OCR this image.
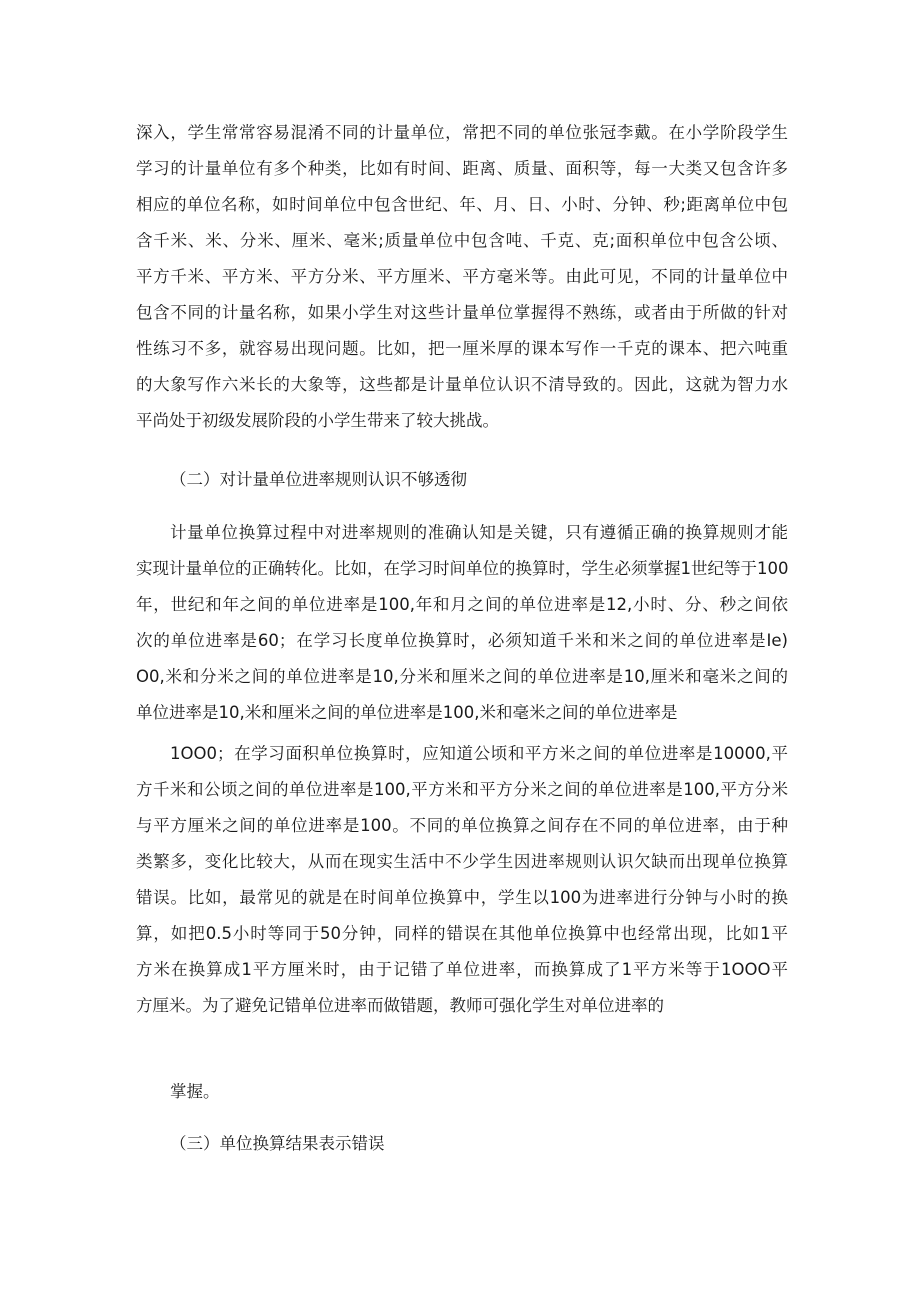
深入，学生常常容易混淆不同的计量单位，常把不同的单位张冠李戴。在小学阶段学生
学习的计量单位有多个种类，比如有时间、距离、质量、面积等，每一大类又包含许多
相应的单位名称，如时间单位中包含世纪、年、月、日、小时、分钟、秒;距离单位中包
含千米、米、分米、厘米、毫米;质量单位中包含吨、千克、克;面积单位中包含公顷、
平方千米、平方米、平方分米、平方厘米、平方毫米等。由此可见，不同的计量单位中
包含不同的计量名称，如果小学生对这些计量单位掌握得不熟练，或者由于所做的针对
性练习不多，就容易出现问题。比如，把一厘米厚的课本写作一千克的课本、把六吨重
的大象写作六米长的大象等，这些都是计量单位认识不清导致的。因此，这就为智力水
平尚处于初级发展阶段的小学生带来了较大挑战。
（二）对计量单位进率规则认识不够透彻
计量单位换算过程中对进率规则的准确认知是关键，只有遵循正确的换算规则才能
实现计量单位的正确转化。比如，在学习时间单位的换算时，学生必须掌握1世纪等于100
年，世纪和年之间的单位进率是100,年和月之间的单位进率是12,小时、分、秒之间依
次的单位进率是60；在学习长度单位换算时，必须知道千米和米之间的单位进率是Ie)
O0,米和分米之间的单位进率是10,分米和厘米之间的单位进率是10,厘米和毫米之间的
单位进率是10,米和厘米之间的单位进率是100,米和毫米之间的单位进率是
1OO0；在学习面积单位换算时，应知道公顷和平方米之间的单位进率是10000,平
方千米和公顷之间的单位进率是100,平方米和平方分米之间的单位进率是100,平方分米
与平方厘米之间的单位进率是100。不同的单位换算之间存在不同的单位进率，由于种
类繁多，变化比较大，从而在现实生活中不少学生因进率规则认识欠缺而出现单位换算
错误。比如，最常见的就是在时间单位换算中，学生以100为进率进行分钟与小时的换
算，如把0.5小时等同于50分钟，同样的错误在其他单位换算中也经常出现，比如1平
方米在换算成1平方厘米时，由于记错了单位进率，而换算成了1平方米等于1OOO平
方厘米。为了避免记错单位进率而做错题，教师可强化学生对单位进率的
掌握。
（三）单位换算结果表示错误
